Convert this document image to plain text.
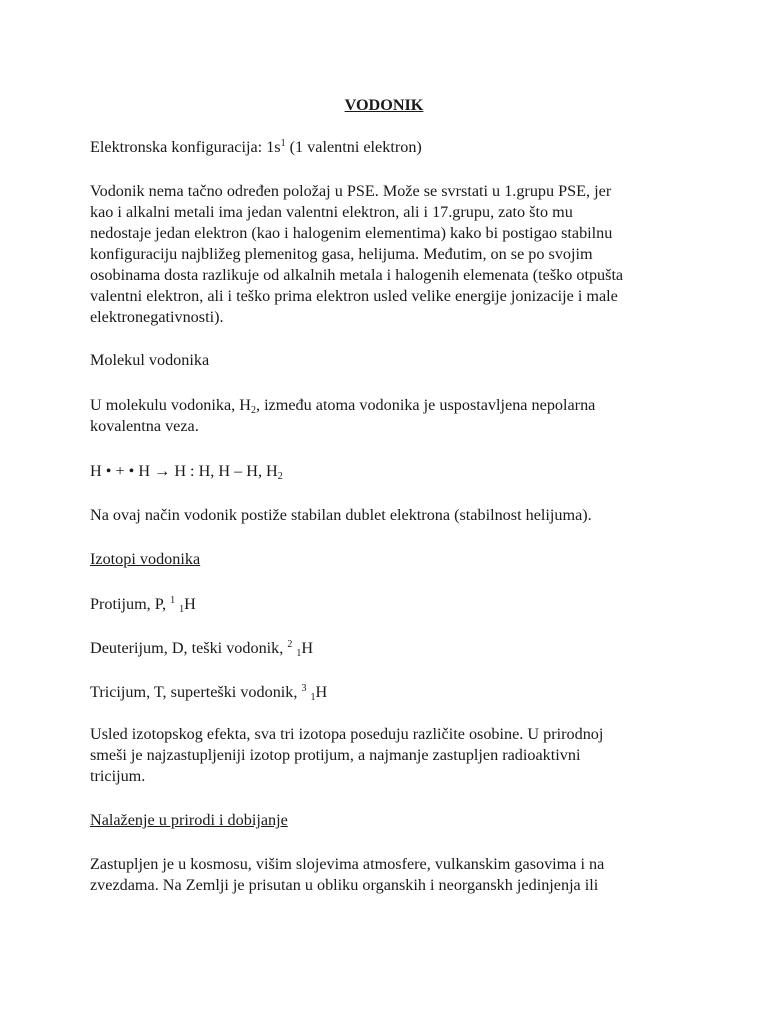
VODONIK

Elektronska konfiguracija: $1s^1$ (1 valentni elektron)

Vodonik nema tačno određen položaj u PSE. Može se svrstati u 1.grupu PSE, jer
kao i alkalni metali ima jedan valentni elektron, ali i 17.grupu, zato što mu
nedostaje jedan elektron (kao i halogenim elementima) kako bi postigao stabilnu
konfiguraciju najbližeg plemenitog gasa, helijuma. Međutim, on se po svojim
osobinama dosta razlikuje od alkalnih metala i halogenih elemenata (teško otpušta
valentni elektron, ali i teško prima elektron usled velike energije jonizacije i male
elektronegativnosti).

Molekul vodonika

U molekulu vodonika, $H_2$, između atoma vodonika je uspostavljena nepolarna
kovalentna veza.

H • + • H → H : H, H – H, $H_2$

Na ovaj način vodonik postiže stabilan dublet elektrona (stabilnost helijuma).

Izotopi vodonika

Protijum, P, $^1$ $_1$H

Deuterijum, D, teški vodonik, $^2$ $_1$H

Tricijum, T, superteški vodonik, $^3$ $_1$H

Usled izotopskog efekta, sva tri izotopa poseduju različite osobine. U prirodnoj
smeši je najzastupljeniji izotop protijum, a najmanje zastupljen radioaktivni
tricijum.

Nalaženje u prirodi i dobijanje

Zastupljen je u kosmosu, višim slojevima atmosfere, vulkanskim gasovima i na
zvezdama. Na Zemlji je prisutan u obliku organskih i neorganskh jedinjenja ili
